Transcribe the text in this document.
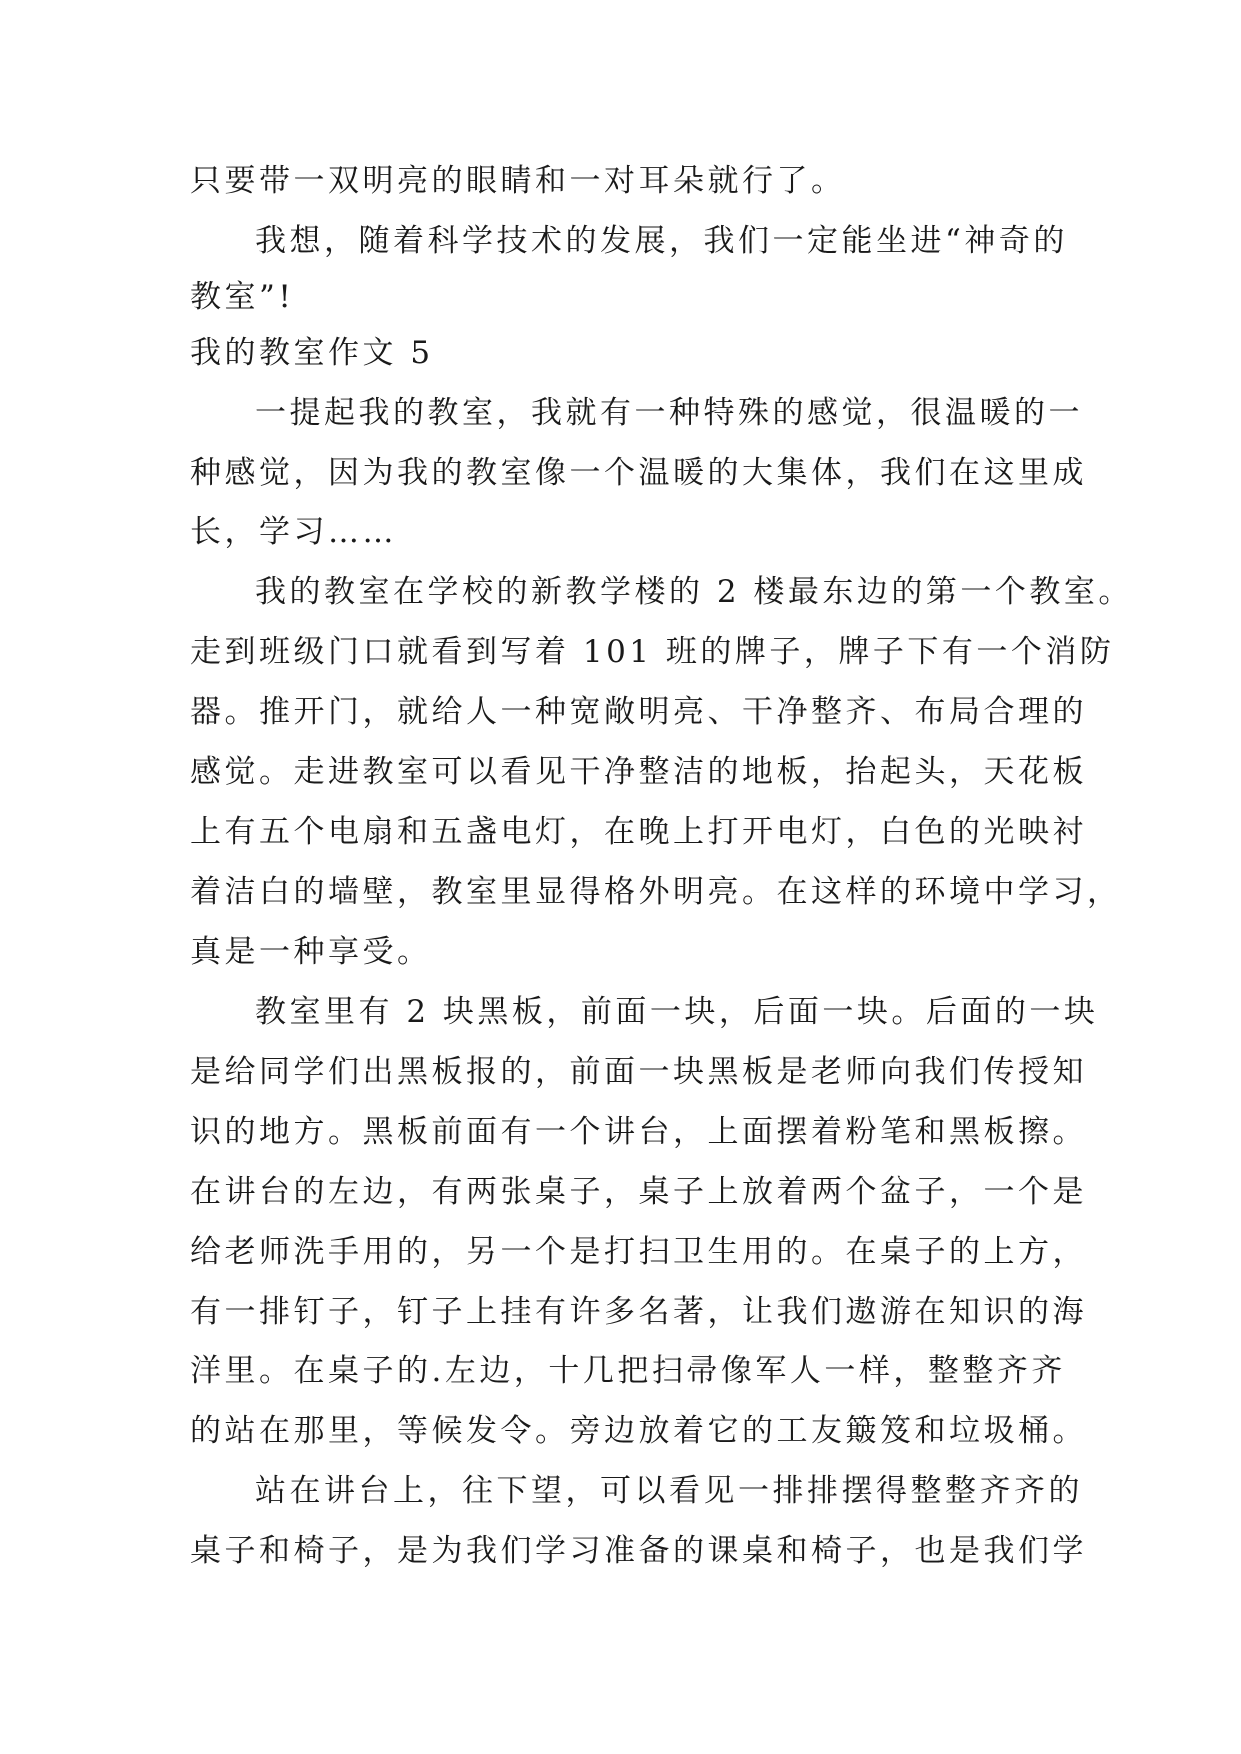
只要带一双明亮的眼睛和一对耳朵就行了。
我想，随着科学技术的发展，我们一定能坐进“神奇的
教室”!
我的教室作文 5
一提起我的教室，我就有一种特殊的感觉，很温暖的一
种感觉，因为我的教室像一个温暖的大集体，我们在这里成
长，学习……
我的教室在学校的新教学楼的 2 楼最东边的第一个教室。
走到班级门口就看到写着 101 班的牌子，牌子下有一个消防
器。推开门，就给人一种宽敞明亮、干净整齐、布局合理的
感觉。走进教室可以看见干净整洁的地板，抬起头，天花板
上有五个电扇和五盏电灯，在晚上打开电灯，白色的光映衬
着洁白的墙壁，教室里显得格外明亮。在这样的环境中学习，
真是一种享受。
教室里有 2 块黑板，前面一块，后面一块。后面的一块
是给同学们出黑板报的，前面一块黑板是老师向我们传授知
识的地方。黑板前面有一个讲台，上面摆着粉笔和黑板擦。
在讲台的左边，有两张桌子，桌子上放着两个盆子，一个是
给老师洗手用的，另一个是打扫卫生用的。在桌子的上方，
有一排钉子，钉子上挂有许多名著，让我们遨游在知识的海
洋里。在桌子的.左边，十几把扫帚像军人一样，整整齐齐
的站在那里，等候发令。旁边放着它的工友簸笈和垃圾桶。
站在讲台上，往下望，可以看见一排排摆得整整齐齐的
桌子和椅子，是为我们学习准备的课桌和椅子，也是我们学
